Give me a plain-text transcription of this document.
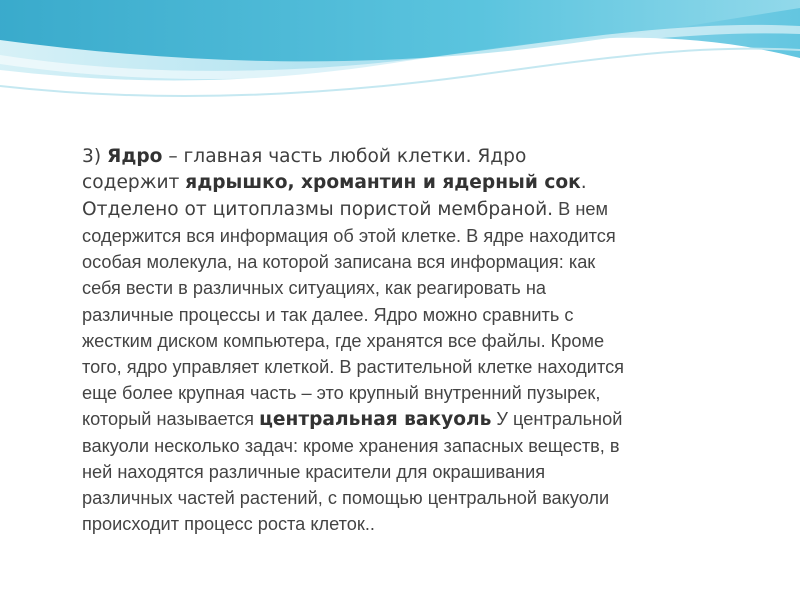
3) Ядро – главная часть любой клетки. Ядро
содержит ядрышко, хромантин и ядерный сок.
Отделено от цитоплазмы пористой мембраной. В нем
содержится вся информация об этой клетке. В ядре находится
особая молекула, на которой записана вся информация: как
себя вести в различных ситуациях, как реагировать на
различные процессы и так далее. Ядро можно сравнить с
жестким диском компьютера, где хранятся все файлы. Кроме
того, ядро управляет клеткой. В растительной клетке находится
еще более крупная часть – это крупный внутренний пузырек,
который называется центральная вакуоль У центральной
вакуоли несколько задач: кроме хранения запасных веществ, в
ней находятся различные красители для окрашивания
различных частей растений, с помощью центральной вакуоли
происходит процесс роста клеток..
